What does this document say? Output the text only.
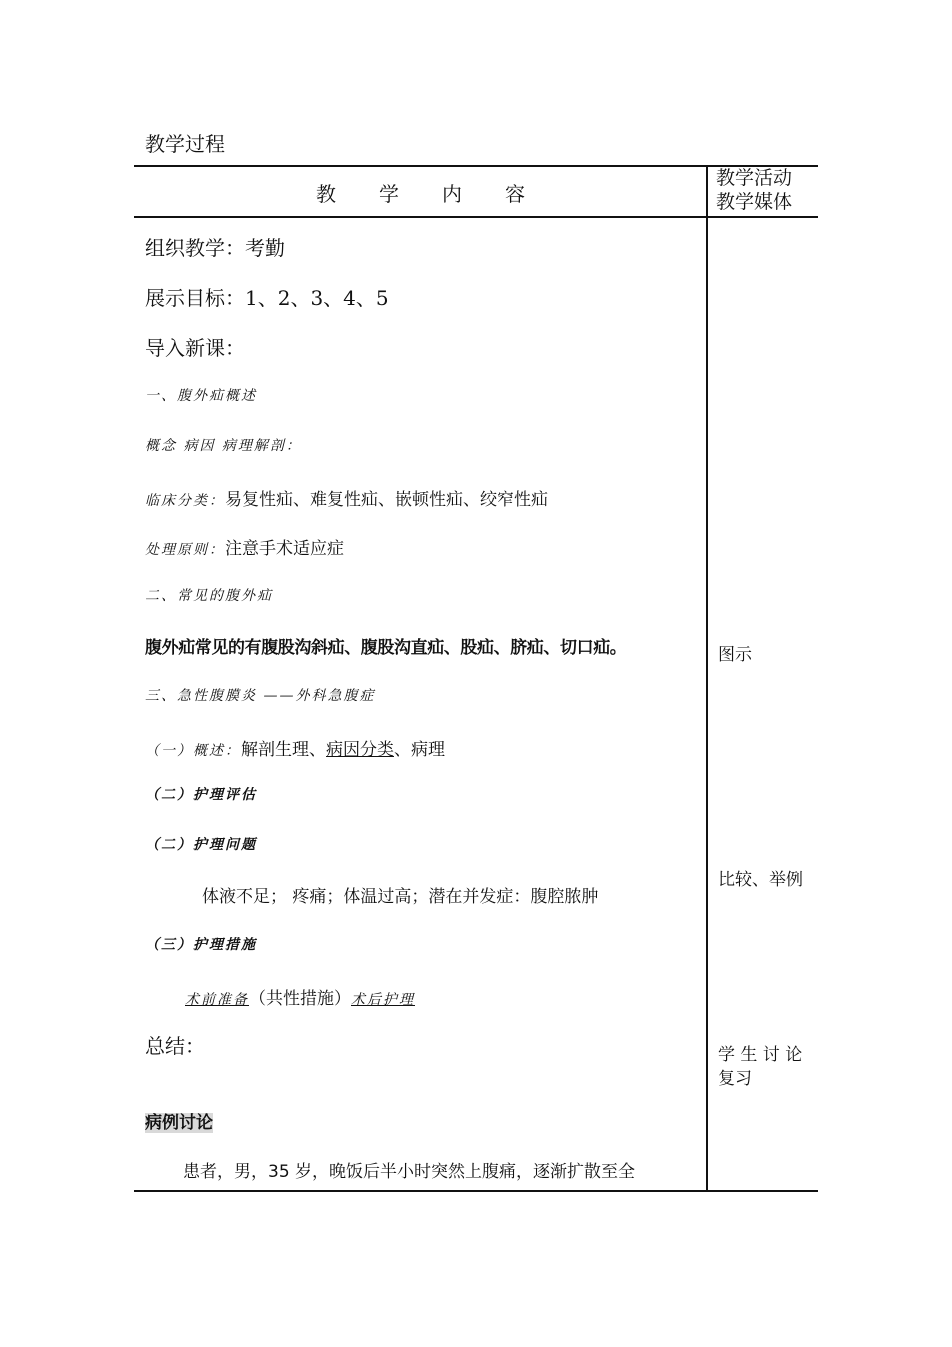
教学过程
教　　学　　内　　容
教学活动
教学媒体
组织教学：考勤
展示目标：1、2、3、4、5
导入新课：
一、腹外疝概述
概念 病因 病理解剖：
临床分类：易复性疝、难复性疝、嵌顿性疝、绞窄性疝
处理原则：注意手术适应症
二、常见的腹外疝
腹外疝常见的有腹股沟斜疝、腹股沟直疝、股疝、脐疝、切口疝。
三、急性腹膜炎 ——外科急腹症
（一）概述：解剖生理、病因分类、病理
（二）护理评估
（二）护理问题
体液不足； 疼痛；体温过高；潜在并发症：腹腔脓肿
（三）护理措施
术前准备（共性措施）术后护理
总结：
病例讨论
患者，男，35 岁，晚饭后半小时突然上腹痛，逐渐扩散至全
图示
比较、举例
学 生 讨 论
复习
